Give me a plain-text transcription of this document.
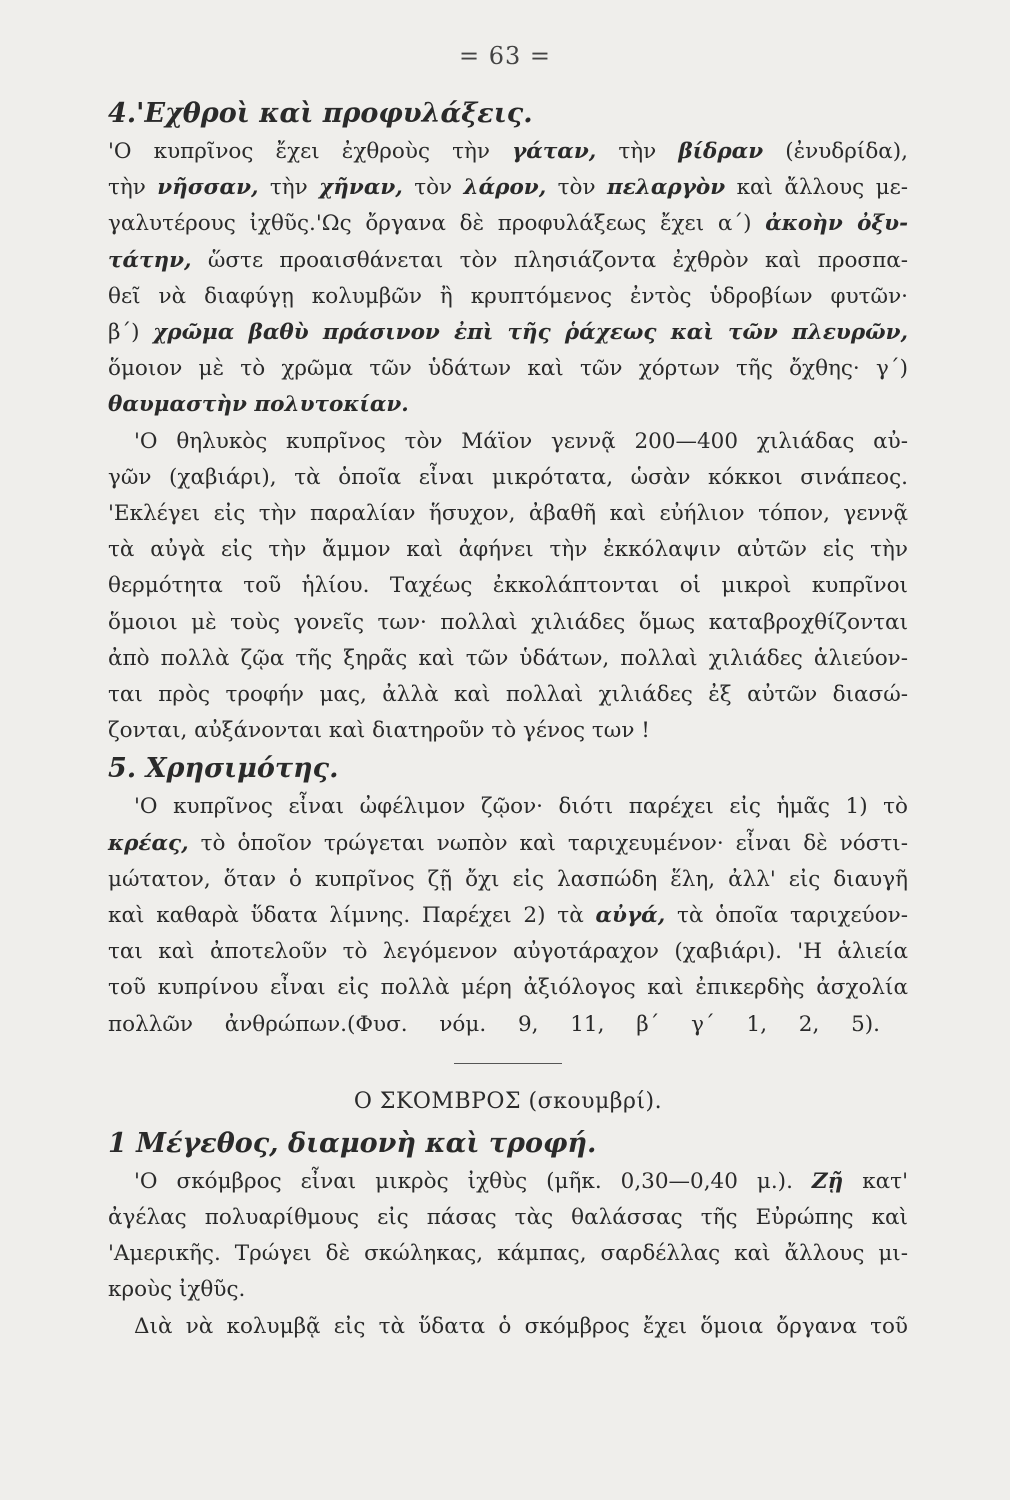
= 63 =
4.'Εχθροὶ καὶ προφυλάξεις.
'Ο κυπρῖνος ἔχει ἐχθροὺς τὴν γάταν, τὴν βίδραν (ἐνυδρίδα),
τὴν νῆσσαν, τὴν χῆναν, τὸν λάρον, τὸν πελαργὸν καὶ ἄλλους με-
γαλυτέρους ἰχθῦς.'Ως ὄργανα δὲ προφυλάξεως ἔχει α΄) ἀκοὴν ὀξυ-
τάτην, ὥστε προαισθάνεται τὸν πλησιάζοντα ἐχθρὸν καὶ προσπα-
θεῖ νὰ διαφύγῃ κολυμβῶν ἢ κρυπτόμενος ἐντὸς ὑδροβίων φυτῶν·
β΄) χρῶμα βαθὺ πράσινον ἐπὶ τῆς ῥάχεως καὶ τῶν πλευρῶν,
ὅμοιον μὲ τὸ χρῶμα τῶν ὑδάτων καὶ τῶν χόρτων τῆς ὄχθης· γ΄)
θαυμαστὴν πολυτοκίαν.
'Ο θηλυκὸς κυπρῖνος τὸν Μάϊον γεννᾷ 200—400 χιλιάδας αὐ-
γῶν (χαβιάρι), τὰ ὁποῖα εἶναι μικρότατα, ὡσὰν κόκκοι σινάπεος.
'Εκλέγει εἰς τὴν παραλίαν ἥσυχον, ἀβαθῆ καὶ εὐήλιον τόπον, γεννᾷ
τὰ αὐγὰ εἰς τὴν ἄμμον καὶ ἀφήνει τὴν ἐκκόλαψιν αὐτῶν εἰς τὴν
θερμότητα τοῦ ἡλίου. Ταχέως ἐκκολάπτονται οἱ μικροὶ κυπρῖνοι
ὅμοιοι μὲ τοὺς γονεῖς των· πολλαὶ χιλιάδες ὅμως καταβροχθίζονται
ἀπὸ πολλὰ ζῷα τῆς ξηρᾶς καὶ τῶν ὑδάτων, πολλαὶ χιλιάδες ἁλιεύον-
ται πρὸς τροφήν μας, ἀλλὰ καὶ πολλαὶ χιλιάδες ἐξ αὐτῶν διασώ-
ζονται, αὐξάνονται καὶ διατηροῦν τὸ γένος των !
5. Χρησιμότης.
'Ο κυπρῖνος εἶναι ὠφέλιμον ζῷον· διότι παρέχει εἰς ἡμᾶς 1) τὸ
κρέας, τὸ ὁποῖον τρώγεται νωπὸν καὶ ταριχευμένον· εἶναι δὲ νόστι-
μώτατον, ὅταν ὁ κυπρῖνος ζῇ ὄχι εἰς λασπώδη ἕλη, ἀλλ' εἰς διαυγῆ
καὶ καθαρὰ ὕδατα λίμνης. Παρέχει 2) τὰ αὐγά, τὰ ὁποῖα ταριχεύον-
ται καὶ ἀποτελοῦν τὸ λεγόμενον αὐγοτάραχον (χαβιάρι). 'Η ἁλιεία
τοῦ κυπρίνου εἶναι εἰς πολλὰ μέρη ἀξιόλογος καὶ ἐπικερδὴς ἀσχολία
πολλῶν ἀνθρώπων.(Φυσ. νόμ. 9, 11, β΄ γ΄ 1, 2, 5).
Ο ΣΚΟΜΒΡΟΣ (σκουμβρί).
1 Μέγεθος, διαμονὴ καὶ τροφή.
'Ο σκόμβρος εἶναι μικρὸς ἰχθὺς (μῆκ. 0,30—0,40 μ.). Ζῇ κατ'
ἀγέλας πολυαρίθμους εἰς πάσας τὰς θαλάσσας τῆς Εὐρώπης καὶ
'Αμερικῆς. Τρώγει δὲ σκώληκας, κάμπας, σαρδέλλας καὶ ἄλλους μι-
κροὺς ἰχθῦς.
Διὰ νὰ κολυμβᾷ εἰς τὰ ὕδατα ὁ σκόμβρος ἔχει ὅμοια ὄργανα τοῦ
